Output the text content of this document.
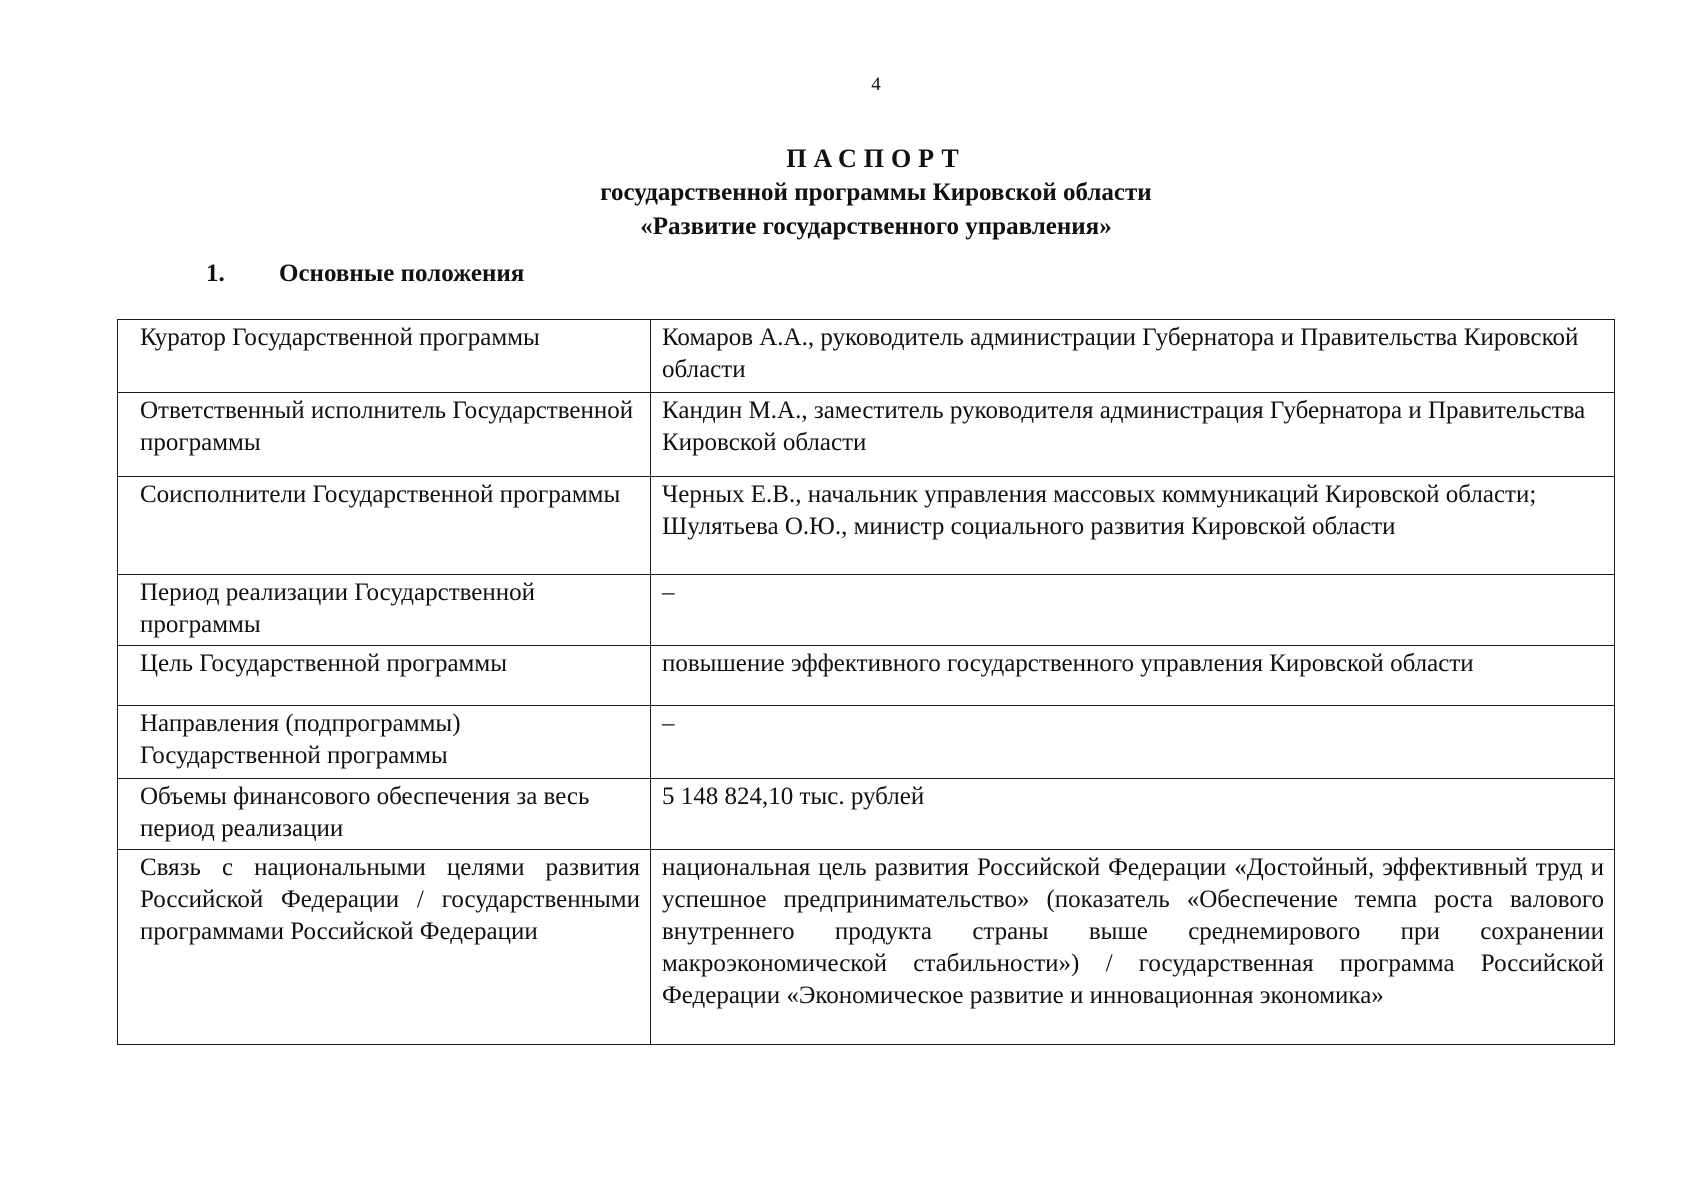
4
ПАСПОРТ
государственной программы Кировской области
«Развитие государственного управления»
1. Основные положения
Куратор Государственной программы	Комаров А.А., руководитель администрации Губернатора и Правительства Кировской области
Ответственный исполнитель Государственной программы	Кандин М.А., заместитель руководителя администрация Губернатора и Правительства Кировской области
Соисполнители Государственной программы	Черных Е.В., начальник управления массовых коммуникаций Кировской области;
Шулятьева О.Ю., министр социального развития Кировской области

Период реализации Государственной программы	–
Цель Государственной программы	повышение эффективного государственного управления Кировской области
Направления (подпрограммы) Государственной программы	–
Объемы финансового обеспечения за весь период реализации	5 148 824,10 тыс. рублей
Связь с национальными целями развития Российской Федерации / государственными программами Российской Федерации	национальная цель развития Российской Федерации «Достойный, эффективный труд и успешное предпринимательство» (показатель «Обеспечение темпа роста валового внутреннего продукта страны выше среднемирового при сохранении макроэкономической стабильности») / государственная программа Российской Федерации «Экономическое развитие и инновационная экономика»
